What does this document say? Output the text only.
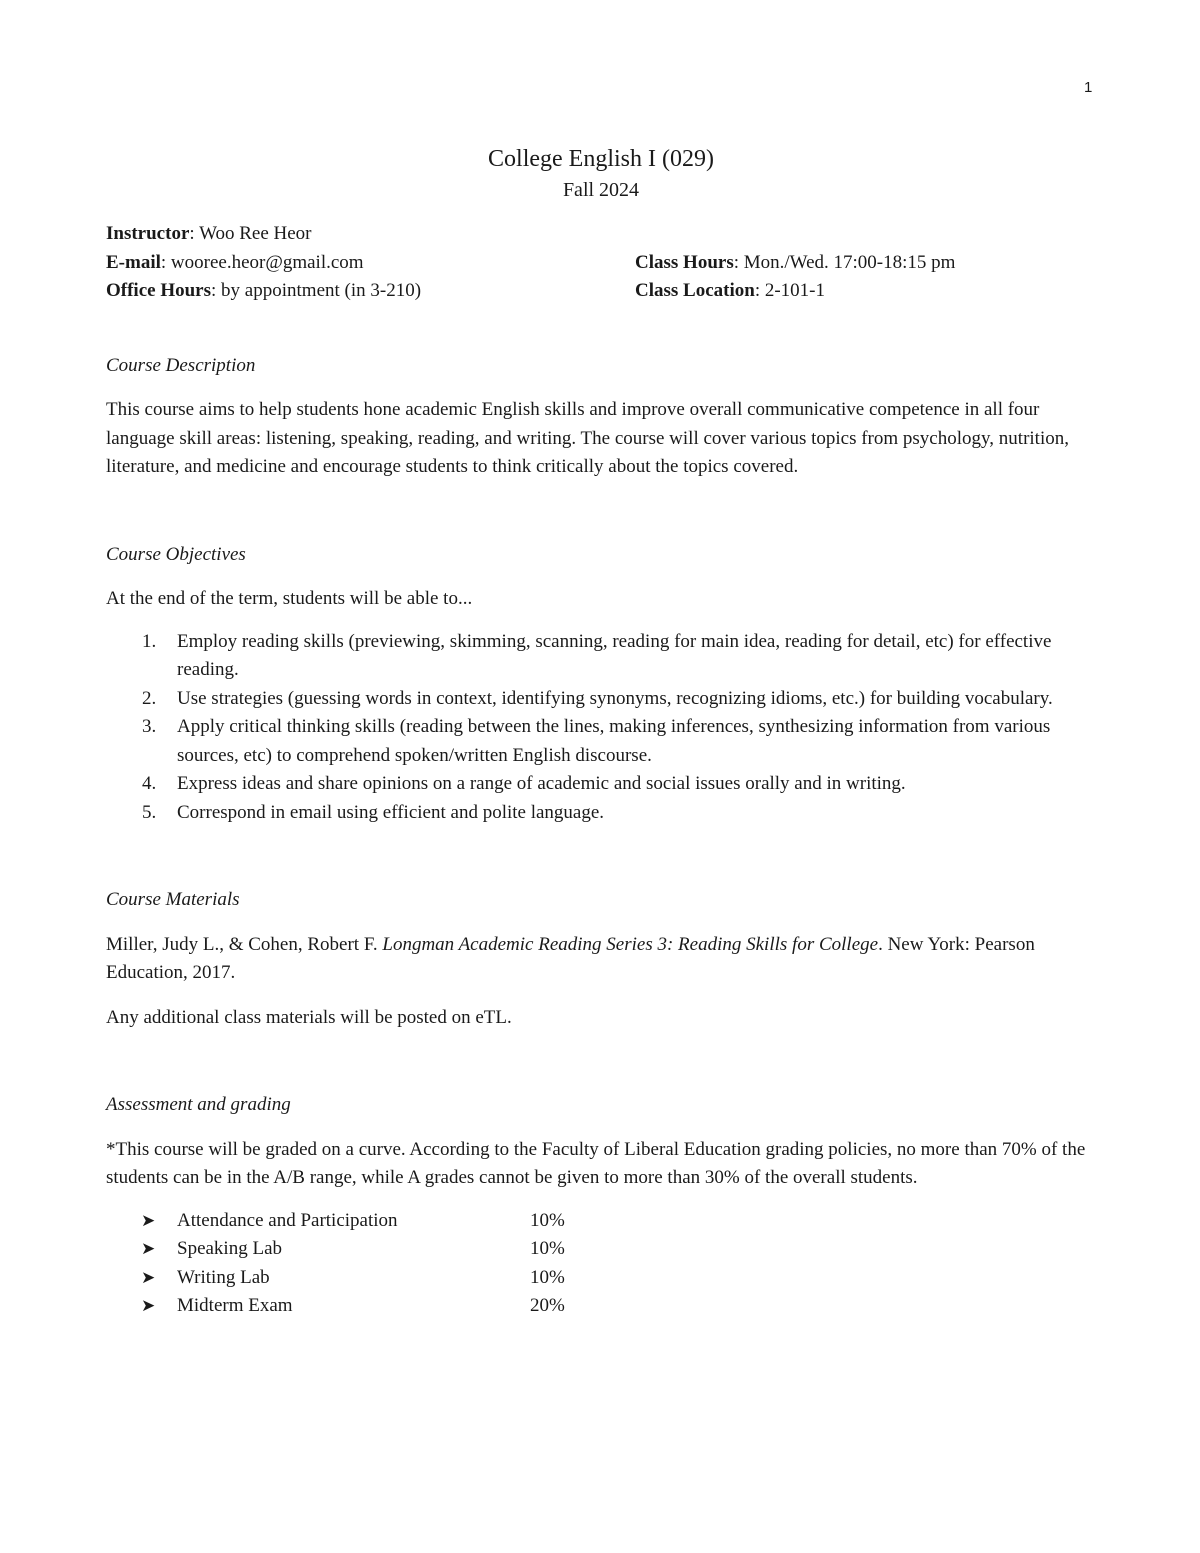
1
College English I (029)
Fall 2024
Instructor: Woo Ree Heor
E-mail: wooree.heor@gmail.com	Class Hours: Mon./Wed. 17:00-18:15 pm
Office Hours: by appointment (in 3-210)	Class Location: 2-101-1
Course Description

This course aims to help students hone academic English skills and improve overall communicative competence in all four language skill areas: listening, speaking, reading, and writing. The course will cover various topics from psychology, nutrition, literature, and medicine and encourage students to think critically about the topics covered.

Course Objectives

At the end of the term, students will be able to...

1. Employ reading skills (previewing, skimming, scanning, reading for main idea, reading for detail, etc) for effective reading.
2. Use strategies (guessing words in context, identifying synonyms, recognizing idioms, etc.) for building vocabulary.
3. Apply critical thinking skills (reading between the lines, making inferences, synthesizing information from various sources, etc) to comprehend spoken/written English discourse.
4. Express ideas and share opinions on a range of academic and social issues orally and in writing.
5. Correspond in email using efficient and polite language.
Course Materials

Miller, Judy L., & Cohen, Robert F. Longman Academic Reading Series 3: Reading Skills for College. New York: Pearson Education, 2017.

Any additional class materials will be posted on eTL.

Assessment and grading

*This course will be graded on a curve. According to the Faculty of Liberal Education grading policies, no more than 70% of the students can be in the A/B range, while A grades cannot be given to more than 30% of the overall students.

➤	Attendance and Participation	10%
➤	Speaking Lab	10%
➤	Writing Lab	10%
➤	Midterm Exam	20%
